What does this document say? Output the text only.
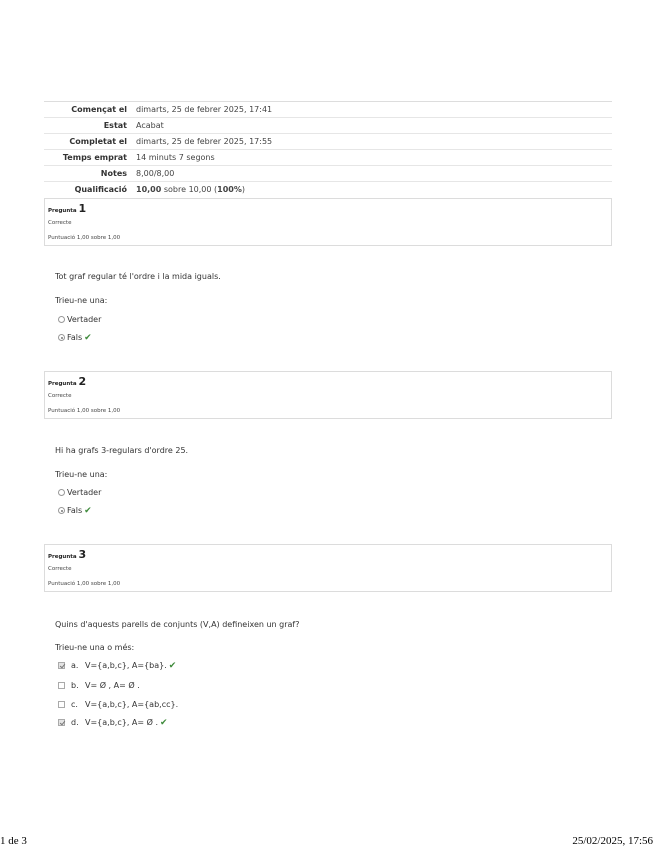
Començat el	dimarts, 25 de febrer 2025, 17:41
Estat	Acabat
Completat el	dimarts, 25 de febrer 2025, 17:55
Temps emprat	14 minuts 7 segons
Notes	8,00/8,00
Qualificació	10,00 sobre 10,00 (100%)
Pregunta 1
Correcte
Puntuació 1,00 sobre 1,00
Tot graf regular té l'ordre i la mida iguals.
Trieu-ne una:
Vertader
Fals ✔
Pregunta 2
Correcte
Puntuació 1,00 sobre 1,00
Hi ha grafs 3-regulars d'ordre 25.
Trieu-ne una:
Vertader
Fals ✔
Pregunta 3
Correcte
Puntuació 1,00 sobre 1,00
Quins d'aquests parells de conjunts (V,A) defineixen un graf?
Trieu-ne una o més:
a. V={a,b,c}, A={ba}. ✔
b. V= Ø , A= Ø .
c. V={a,b,c}, A={ab,cc}.
d. V={a,b,c}, A= Ø . ✔
1 de 3	25/02/2025, 17:56
